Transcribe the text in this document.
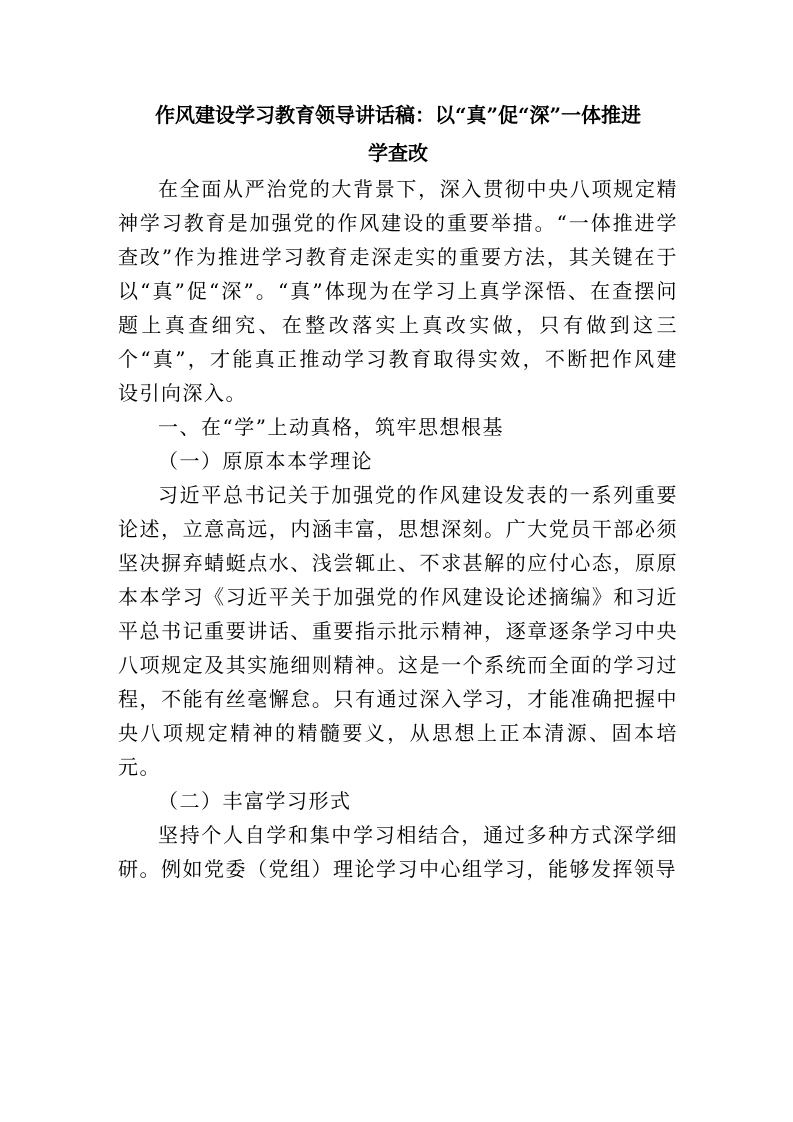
作风建设学习教育领导讲话稿：以“真”促“深”一体推进
学查改

在全面从严治党的大背景下，深入贯彻中央八项规定精神学习教育是加强党的作风建设的重要举措。“一体推进学查改”作为推进学习教育走深走实的重要方法，其关键在于以“真”促“深”。“真”体现为在学习上真学深悟、在查摆问题上真查细究、在整改落实上真改实做，只有做到这三个“真”，才能真正推动学习教育取得实效，不断把作风建设引向深入。

一、在“学”上动真格，筑牢思想根基

（一）原原本本学理论

习近平总书记关于加强党的作风建设发表的一系列重要论述，立意高远，内涵丰富，思想深刻。广大党员干部必须坚决摒弃蜻蜓点水、浅尝辄止、不求甚解的应付心态，原原本本学习《习近平关于加强党的作风建设论述摘编》和习近平总书记重要讲话、重要指示批示精神，逐章逐条学习中央八项规定及其实施细则精神。这是一个系统而全面的学习过程，不能有丝毫懈怠。只有通过深入学习，才能准确把握中央八项规定精神的精髓要义，从思想上正本清源、固本培元。

（二）丰富学习形式

坚持个人自学和集中学习相结合，通过多种方式深学细研。例如党委（党组）理论学习中心组学习，能够发挥领导
